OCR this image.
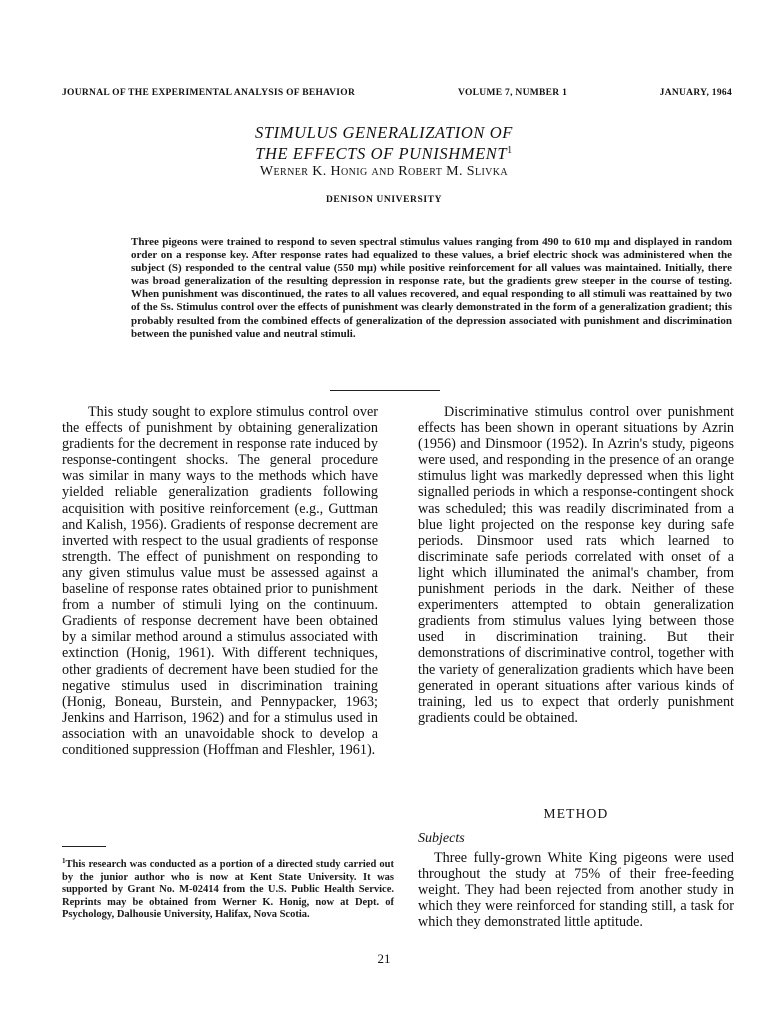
JOURNAL OF THE EXPERIMENTAL ANALYSIS OF BEHAVIOR	VOLUME 7, NUMBER 1	JANUARY, 1964
STIMULUS GENERALIZATION OF
THE EFFECTS OF PUNISHMENT$^1$
Werner K. Honig and Robert M. Slivka
DENISON UNIVERSITY
Three pigeons were trained to respond to seven spectral stimulus values ranging from 490 to 610 mμ and displayed in random order on a response key. After response rates had equalized to these values, a brief electric shock was administered when the subject (S) responded to the central value (550 mμ) while positive reinforcement for all values was maintained. Initially, there was broad generalization of the resulting depression in response rate, but the gradients grew steeper in the course of testing. When punishment was discontinued, the rates to all values recovered, and equal responding to all stimuli was reattained by two of the Ss. Stimulus control over the effects of punishment was clearly demonstrated in the form of a generalization gradient; this probably resulted from the combined effects of generalization of the depression associated with punishment and discrimination between the punished value and neutral stimuli.

This study sought to explore stimulus control over the effects of punishment by obtaining generalization gradients for the decrement in response rate induced by response-contingent shocks. The general procedure was similar in many ways to the methods which have yielded reliable generalization gradients following acquisition with positive reinforcement (e.g., Guttman and Kalish, 1956). Gradients of response decrement are inverted with respect to the usual gradients of response strength. The effect of punishment on responding to any given stimulus value must be assessed against a baseline of response rates obtained prior to punishment from a number of stimuli lying on the continuum. Gradients of response decrement have been obtained by a similar method around a stimulus associated with extinction (Honig, 1961). With different techniques, other gradients of decrement have been studied for the negative stimulus used in discrimination training (Honig, Boneau, Burstein, and Pennypacker, 1963; Jenkins and Harrison, 1962) and for a stimulus used in association with an unavoidable shock to develop a conditioned suppression (Hoffman and Fleshler, 1961).

$^1$This research was conducted as a portion of a directed study carried out by the junior author who is now at Kent State University. It was supported by Grant No. M-02414 from the U.S. Public Health Service. Reprints may be obtained from Werner K. Honig, now at Dept. of Psychology, Dalhousie University, Halifax, Nova Scotia.

Discriminative stimulus control over punishment effects has been shown in operant situations by Azrin (1956) and Dinsmoor (1952). In Azrin's study, pigeons were used, and responding in the presence of an orange stimulus light was markedly depressed when this light signalled periods in which a response-contingent shock was scheduled; this was readily discriminated from a blue light projected on the response key during safe periods. Dinsmoor used rats which learned to discriminate safe periods correlated with onset of a light which illuminated the animal's chamber, from punishment periods in the dark. Neither of these experimenters attempted to obtain generalization gradients from stimulus values lying between those used in discrimination training. But their demonstrations of discriminative control, together with the variety of generalization gradients which have been generated in operant situations after various kinds of training, led us to expect that orderly punishment gradients could be obtained.

METHOD
Subjects

Three fully-grown White King pigeons were used throughout the study at 75% of their free-feeding weight. They had been rejected from another study in which they were reinforced for standing still, a task for which they demonstrated little aptitude.

21
